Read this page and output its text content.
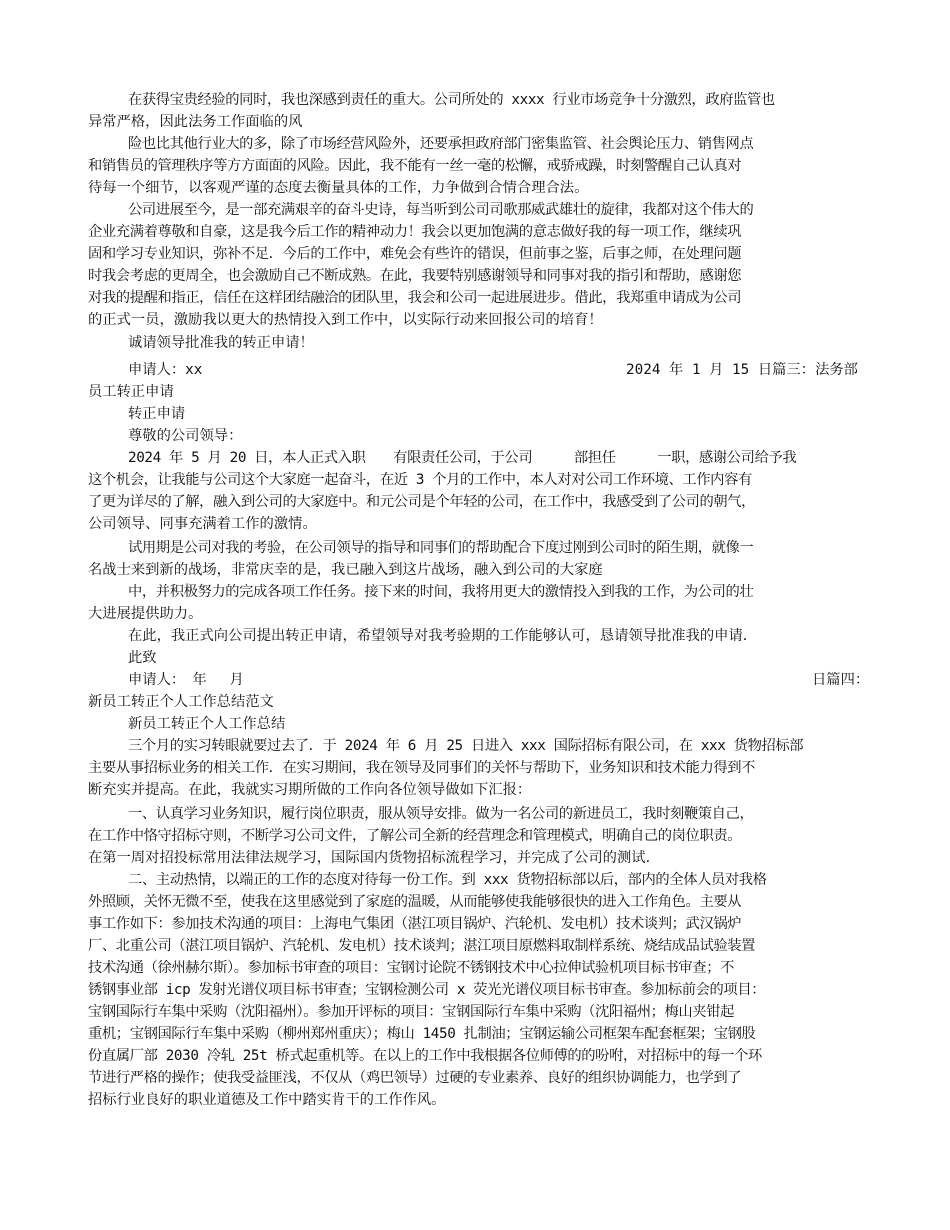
在获得宝贵经验的同时，我也深感到责任的重大。公司所处的 xxxx 行业市场竞争十分激烈，政府监管也
异常严格，因此法务工作面临的风
险也比其他行业大的多，除了市场经营风险外，还要承担政府部门密集监管、社会舆论压力、销售网点
和销售员的管理秩序等方方面面的风险。因此，我不能有一丝一毫的松懈，戒骄戒躁，时刻警醒自己认真对
待每一个细节，以客观严谨的态度去衡量具体的工作，力争做到合情合理合法。
公司进展至今，是一部充满艰辛的奋斗史诗，每当听到公司司歌那威武雄壮的旋律，我都对这个伟大的
企业充满着尊敬和自豪，这是我今后工作的精神动力！我会以更加饱满的意志做好我的每一项工作，继续巩
固和学习专业知识，弥补不足．今后的工作中，难免会有些许的错误，但前事之鉴，后事之师，在处理问题
时我会考虑的更周全，也会激励自己不断成熟。在此，我要特别感谢领导和同事对我的指引和帮助，感谢您
对我的提醒和指正，信任在这样团结融洽的团队里，我会和公司一起进展进步。借此，我郑重申请成为公司
的正式一员，激励我以更大的热情投入到工作中，以实际行动来回报公司的培育！
诚请领导批准我的转正申请！
申请人：xx	2024 年 1 月 15 日篇三：法务部
员工转正申请
转正申请
尊敬的公司领导：
2024 年 5 月 20 日，本人正式入职　　有限责任公司，于公司　　　部担任　　　一职，感谢公司给予我
这个机会，让我能与公司这个大家庭一起奋斗，在近 3 个月的工作中，本人对对公司工作环境、工作内容有
了更为详尽的了解，融入到公司的大家庭中。和元公司是个年轻的公司，在工作中，我感受到了公司的朝气，
公司领导、同事充满着工作的激情。
试用期是公司对我的考验，在公司领导的指导和同事们的帮助配合下度过刚到公司时的陌生期，就像一
名战士来到新的战场，非常庆幸的是，我已融入到这片战场，融入到公司的大家庭
中，并积极努力的完成各项工作任务。接下来的时间，我将用更大的激情投入到我的工作，为公司的壮
大进展提供助力。
在此，我正式向公司提出转正申请，希望领导对我考验期的工作能够认可，恳请领导批准我的申请．
此致
申请人：　年　 月	日篇四：
新员工转正个人工作总结范文
新员工转正个人工作总结
三个月的实习转眼就要过去了．于 2024 年 6 月 25 日进入 xxx 国际招标有限公司，在 xxx 货物招标部
主要从事招标业务的相关工作．在实习期间，我在领导及同事们的关怀与帮助下，业务知识和技术能力得到不
断充实并提高。在此，我就实习期所做的工作向各位领导做如下汇报：
一、认真学习业务知识，履行岗位职责，服从领导安排。做为一名公司的新进员工，我时刻鞭策自己，
在工作中恪守招标守则，不断学习公司文件，了解公司全新的经营理念和管理模式，明确自己的岗位职责。
在第一周对招投标常用法律法规学习，国际国内货物招标流程学习，并完成了公司的测试．
二、主动热情，以端正的工作的态度对待每一份工作。到 xxx 货物招标部以后，部内的全体人员对我格
外照顾，关怀无微不至，使我在这里感觉到了家庭的温暖，从而能够使我能够很快的进入工作角色。主要从
事工作如下：参加技术沟通的项目：上海电气集团（湛江项目锅炉、汽轮机、发电机）技术谈判；武汉锅炉
厂、北重公司（湛江项目锅炉、汽轮机、发电机）技术谈判；湛江项目原燃料取制样系统、烧结成品试验装置
技术沟通（徐州赫尔斯）。参加标书审查的项目：宝钢讨论院不锈钢技术中心拉伸试验机项目标书审查；不
锈钢事业部 icp 发射光谱仪项目标书审查；宝钢检测公司 x 荧光光谱仪项目标书审查。参加标前会的项目：
宝钢国际行车集中采购（沈阳福州）。参加开评标的项目：宝钢国际行车集中采购（沈阳福州；梅山夹钳起
重机；宝钢国际行车集中采购（柳州郑州重庆）；梅山 1450 扎制油；宝钢运输公司框架车配套框架；宝钢股
份直属厂部 2030 冷轧 25t 桥式起重机等。在以上的工作中我根据各位师傅的的吩咐，对招标中的每一个环
节进行严格的操作；使我受益匪浅，不仅从（鸡巴领导）过硬的专业素养、良好的组织协调能力，也学到了
招标行业良好的职业道德及工作中踏实肯干的工作作风。
